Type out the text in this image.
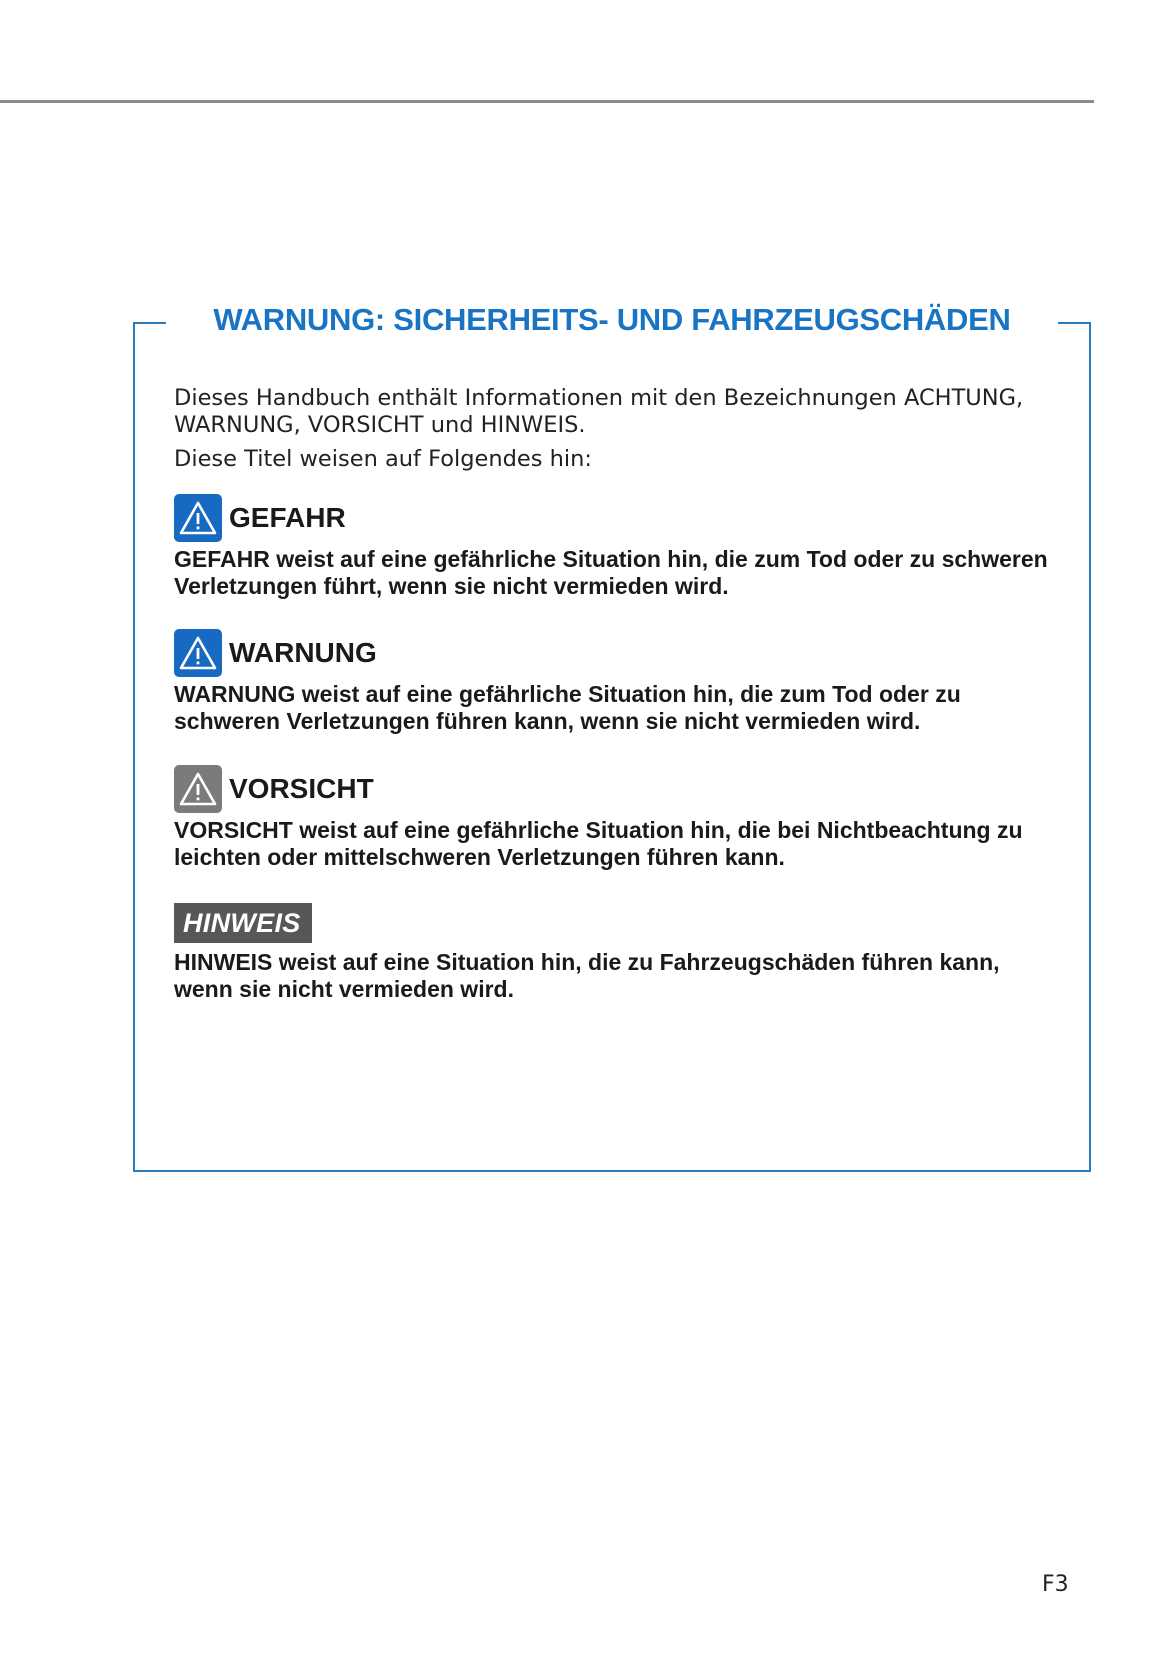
WARNUNG: SICHERHEITS- UND FAHRZEUGSCHÄDEN

Dieses Handbuch enthält Informationen mit den Bezeichnungen ACHTUNG, WARNUNG, VORSICHT und HINWEIS.

Diese Titel weisen auf Folgendes hin:

GEFAHR
GEFAHR weist auf eine gefährliche Situation hin, die zum Tod oder zu schweren Verletzungen führt, wenn sie nicht vermieden wird.
WARNUNG
WARNUNG weist auf eine gefährliche Situation hin, die zum Tod oder zu schweren Verletzungen führen kann, wenn sie nicht vermieden wird.
VORSICHT
VORSICHT weist auf eine gefährliche Situation hin, die bei Nichtbeachtung zu leichten oder mittelschweren Verletzungen führen kann.
HINWEIS
HINWEIS weist auf eine Situation hin, die zu Fahrzeugschäden führen kann, wenn sie nicht vermieden wird.
F3
